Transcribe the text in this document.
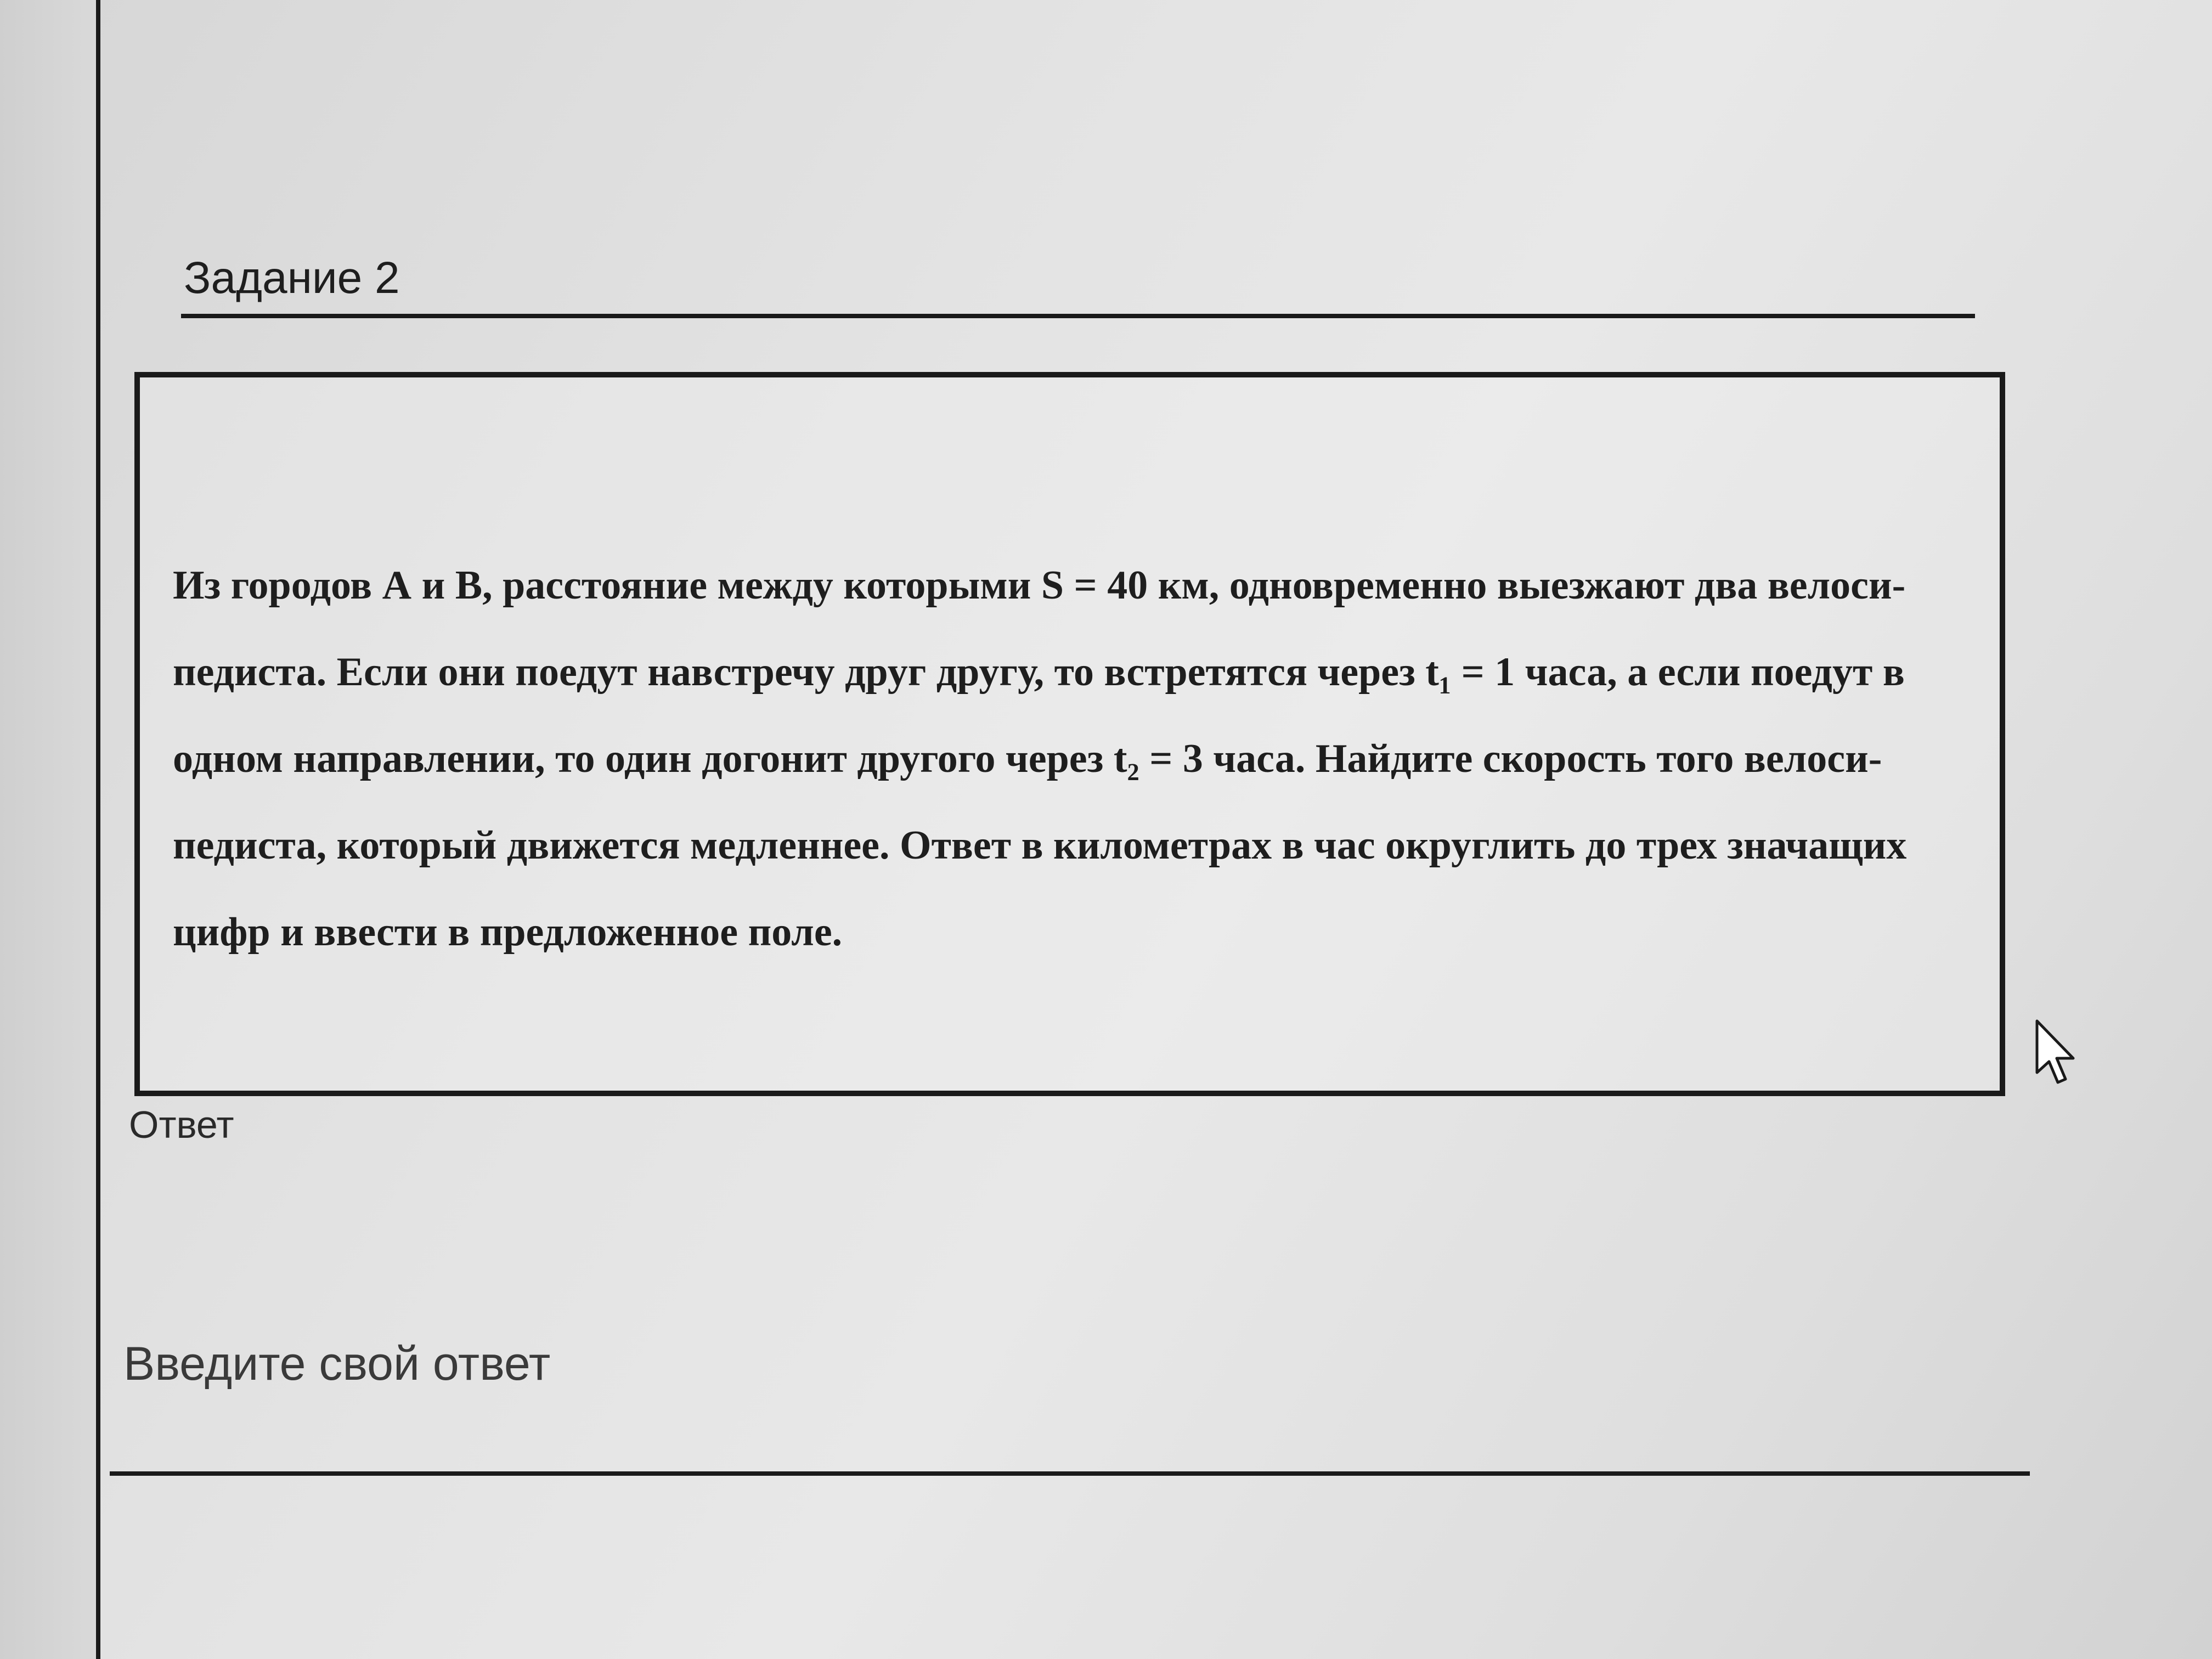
Задание 2
Из городов А и В, расстояние между которыми S = 40 км, одновременно выезжают два велоси-
педиста. Если они поедут навстречу друг другу, то встретятся через t₁ = 1 часа, а если поедут в
одном направлении, то один догонит другого через t₂ = 3 часа. Найдите скорость того велоси-
педиста, который движется медленнее. Ответ в километрах в час округлить до трех значащих
цифр и ввести в предложенное поле.
Ответ
Введите свой ответ
